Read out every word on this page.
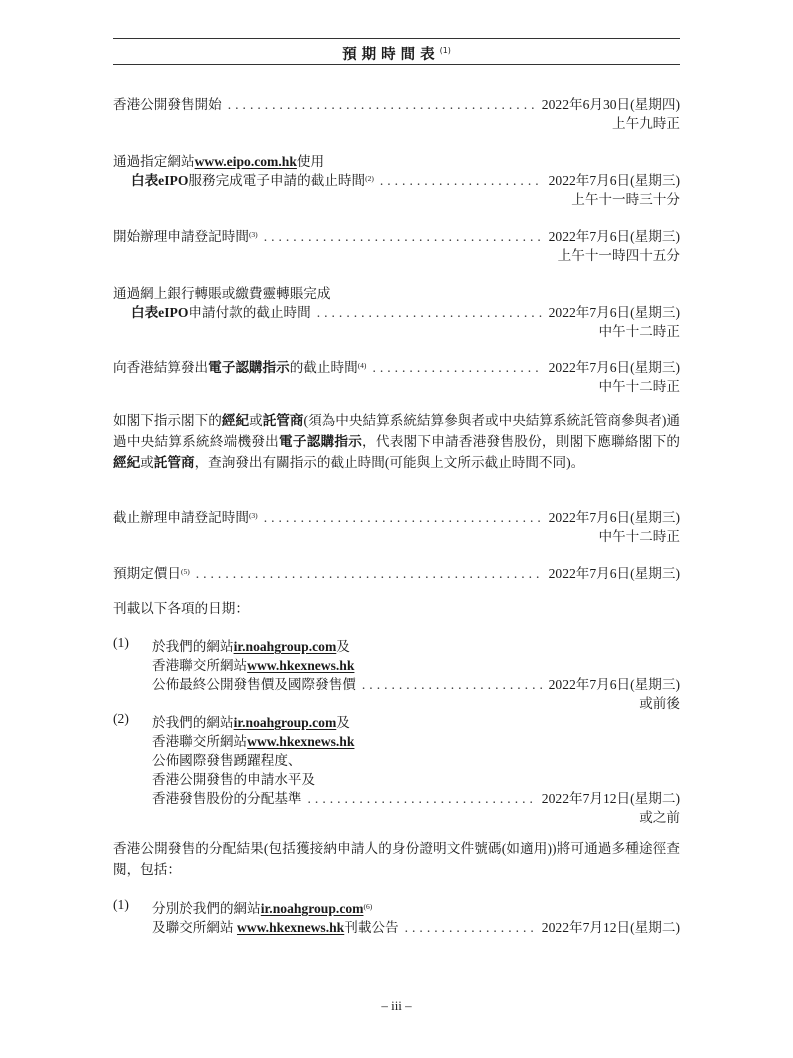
預期時間表$^{(1)}$
香港公開發售開始 .....	2022年6月30日(星期四)
上午九時正
通過指定網站www.eipo.com.hk使用
白表eIPO服務完成電子申請的截止時間$^{(2)}$ .....	2022年7月6日(星期三)
上午十一時三十分
開始辦理申請登記時間$^{(3)}$ .....	2022年7月6日(星期三)
上午十一時四十五分
通過網上銀行轉賬或繳費靈轉賬完成
白表eIPO申請付款的截止時間 .....	2022年7月6日(星期三)
中午十二時正
向香港結算發出電子認購指示的截止時間$^{(4)}$ .....	2022年7月6日(星期三)
中午十二時正
如閣下指示閣下的經紀或託管商(須為中央結算系統結算參與者或中央結算系統託管商參與者)通過中央結算系統終端機發出電子認購指示，代表閣下申請香港發售股份，則閣下應聯絡閣下的經紀或託管商，查詢發出有關指示的截止時間(可能與上文所示截止時間不同)。
截止辦理申請登記時間$^{(3)}$ .....	2022年7月6日(星期三)
中午十二時正
預期定價日$^{(5)}$ .....	2022年7月6日(星期三)
刊載以下各項的日期：
(1) 於我們的網站ir.noahgroup.com及
香港聯交所網站www.hkexnews.hk
公佈最終公開發售價及國際發售價 .....	2022年7月6日(星期三)
或前後
(2) 於我們的網站ir.noahgroup.com及
香港聯交所網站www.hkexnews.hk
公佈國際發售踴躍程度、
香港公開發售的申請水平及
香港發售股份的分配基準 .....	2022年7月12日(星期二)
或之前
香港公開發售的分配結果(包括獲接納申請人的身份證明文件號碼(如適用))將可通過多種途徑查閱，包括：
(1) 分別於我們的網站ir.noahgroup.com$^{(6)}$
及聯交所網站 www.hkexnews.hk刊載公告 .....	2022年7月12日(星期二)
– iii –
